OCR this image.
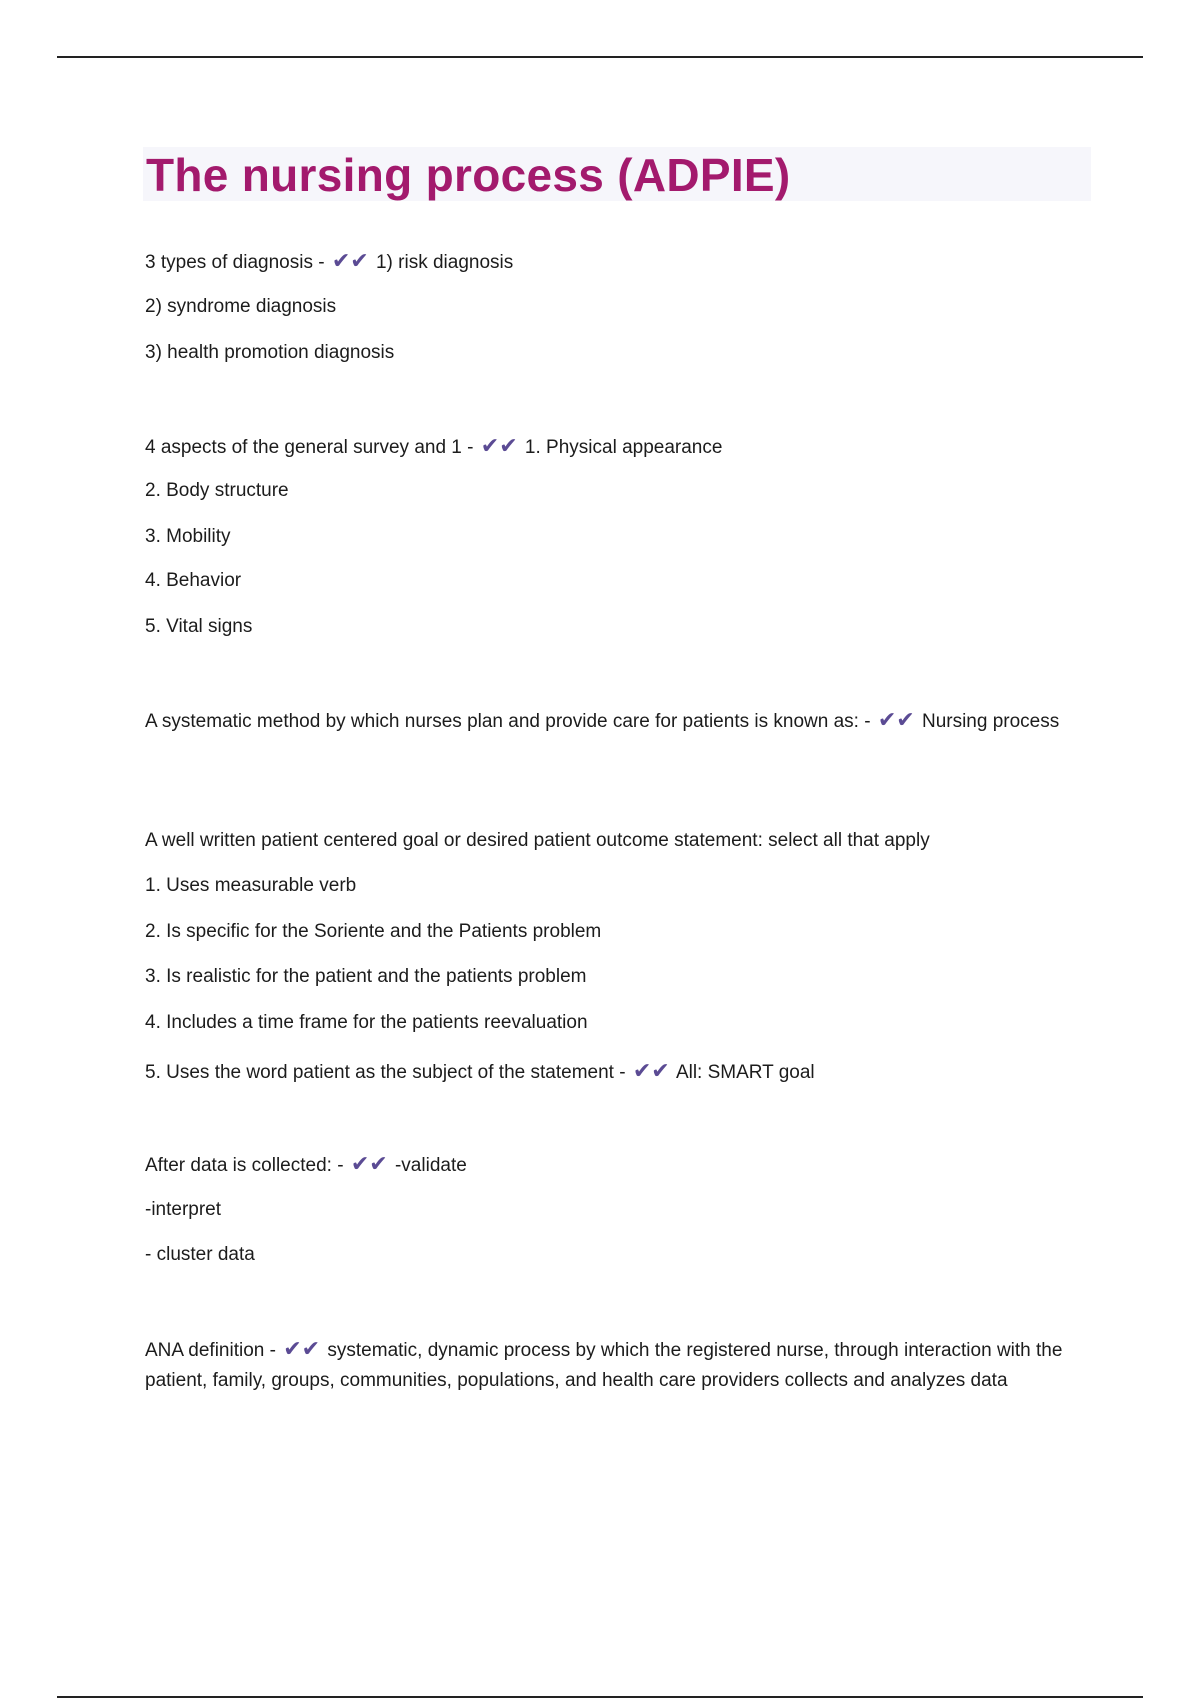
The nursing process (ADPIE)
3 types of diagnosis - ✔✔ 1) risk diagnosis
2) syndrome diagnosis
3) health promotion diagnosis
4 aspects of the general survey and 1 - ✔✔ 1. Physical appearance
2. Body structure
3. Mobility
4. Behavior
5. Vital signs
A systematic method by which nurses plan and provide care for patients is known as: - ✔✔ Nursing process
A well written patient centered goal or desired patient outcome statement: select all that apply
1. Uses measurable verb
2. Is specific for the Soriente and the Patients problem
3. Is realistic for the patient and the patients problem
4. Includes a time frame for the patients reevaluation
5. Uses the word patient as the subject of the statement - ✔✔ All: SMART goal
After data is collected: - ✔✔ -validate
-interpret
- cluster data
ANA definition - ✔✔ systematic, dynamic process by which the registered nurse, through interaction with the patient, family, groups, communities, populations, and health care providers collects and analyzes data
